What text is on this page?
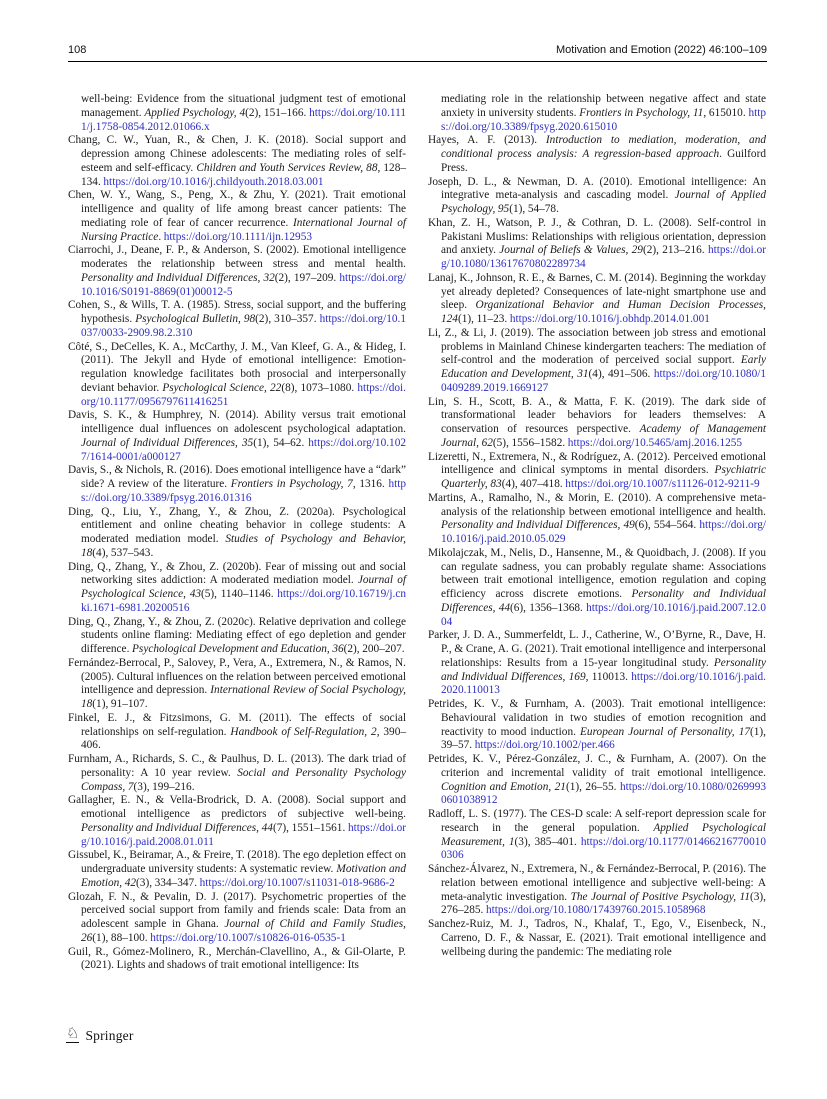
108	Motivation and Emotion (2022) 46:100–109

well-being: Evidence from the situational judgment test of emotional management. Applied Psychology, 4(2), 151–166. https://doi.org/10.1111/j.1758-0854.2012.01066.x

Chang, C. W., Yuan, R., & Chen, J. K. (2018). Social support and depression among Chinese adolescents: The mediating roles of self-esteem and self-efficacy. Children and Youth Services Review, 88, 128–134. https://doi.org/10.1016/j.childyouth.2018.03.001

Chen, W. Y., Wang, S., Peng, X., & Zhu, Y. (2021). Trait emotional intelligence and quality of life among breast cancer patients: The mediating role of fear of cancer recurrence. International Journal of Nursing Practice. https://doi.org/10.1111/ijn.12953

Ciarrochi, J., Deane, F. P., & Anderson, S. (2002). Emotional intelligence moderates the relationship between stress and mental health. Personality and Individual Differences, 32(2), 197–209. https://doi.org/10.1016/S0191-8869(01)00012-5

Cohen, S., & Wills, T. A. (1985). Stress, social support, and the buffering hypothesis. Psychological Bulletin, 98(2), 310–357. https://doi.org/10.1037/0033-2909.98.2.310

Côté, S., DeCelles, K. A., McCarthy, J. M., Van Kleef, G. A., & Hideg, I. (2011). The Jekyll and Hyde of emotional intelligence: Emotion-regulation knowledge facilitates both prosocial and interpersonally deviant behavior. Psychological Science, 22(8), 1073–1080. https://doi.org/10.1177/0956797611416251

Davis, S. K., & Humphrey, N. (2014). Ability versus trait emotional intelligence dual influences on adolescent psychological adaptation. Journal of Individual Differences, 35(1), 54–62. https://doi.org/10.1027/1614-0001/a000127

Davis, S., & Nichols, R. (2016). Does emotional intelligence have a “dark” side? A review of the literature. Frontiers in Psychology, 7, 1316. https://doi.org/10.3389/fpsyg.2016.01316

Ding, Q., Liu, Y., Zhang, Y., & Zhou, Z. (2020a). Psychological entitlement and online cheating behavior in college students: A moderated mediation model. Studies of Psychology and Behavior, 18(4), 537–543.

Ding, Q., Zhang, Y., & Zhou, Z. (2020b). Fear of missing out and social networking sites addiction: A moderated mediation model. Journal of Psychological Science, 43(5), 1140–1146. https://doi.org/10.16719/j.cnki.1671-6981.20200516

Ding, Q., Zhang, Y., & Zhou, Z. (2020c). Relative deprivation and college students online flaming: Mediating effect of ego depletion and gender difference. Psychological Development and Education, 36(2), 200–207.

Fernández-Berrocal, P., Salovey, P., Vera, A., Extremera, N., & Ramos, N. (2005). Cultural influences on the relation between perceived emotional intelligence and depression. International Review of Social Psychology, 18(1), 91–107.

Finkel, E. J., & Fitzsimons, G. M. (2011). The effects of social relationships on self-regulation. Handbook of Self-Regulation, 2, 390–406.

Furnham, A., Richards, S. C., & Paulhus, D. L. (2013). The dark triad of personality: A 10 year review. Social and Personality Psychology Compass, 7(3), 199–216.

Gallagher, E. N., & Vella-Brodrick, D. A. (2008). Social support and emotional intelligence as predictors of subjective well-being. Personality and Individual Differences, 44(7), 1551–1561. https://doi.org/10.1016/j.paid.2008.01.011

Gissubel, K., Beiramar, A., & Freire, T. (2018). The ego depletion effect on undergraduate university students: A systematic review. Motivation and Emotion, 42(3), 334–347. https://doi.org/10.1007/s11031-018-9686-2

Glozah, F. N., & Pevalin, D. J. (2017). Psychometric properties of the perceived social support from family and friends scale: Data from an adolescent sample in Ghana. Journal of Child and Family Studies, 26(1), 88–100. https://doi.org/10.1007/s10826-016-0535-1

Guil, R., Gómez-Molinero, R., Merchán-Clavellino, A., & Gil-Olarte, P. (2021). Lights and shadows of trait emotional intelligence: Its

mediating role in the relationship between negative affect and state anxiety in university students. Frontiers in Psychology, 11, 615010. https://doi.org/10.3389/fpsyg.2020.615010

Hayes, A. F. (2013). Introduction to mediation, moderation, and conditional process analysis: A regression-based approach. Guilford Press.

Joseph, D. L., & Newman, D. A. (2010). Emotional intelligence: An integrative meta-analysis and cascading model. Journal of Applied Psychology, 95(1), 54–78.

Khan, Z. H., Watson, P. J., & Cothran, D. L. (2008). Self-control in Pakistani Muslims: Relationships with religious orientation, depression and anxiety. Journal of Beliefs & Values, 29(2), 213–216. https://doi.org/10.1080/13617670802289734

Lanaj, K., Johnson, R. E., & Barnes, C. M. (2014). Beginning the workday yet already depleted? Consequences of late-night smartphone use and sleep. Organizational Behavior and Human Decision Processes, 124(1), 11–23. https://doi.org/10.1016/j.obhdp.2014.01.001

Li, Z., & Li, J. (2019). The association between job stress and emotional problems in Mainland Chinese kindergarten teachers: The mediation of self-control and the moderation of perceived social support. Early Education and Development, 31(4), 491–506. https://doi.org/10.1080/10409289.2019.1669127

Lin, S. H., Scott, B. A., & Matta, F. K. (2019). The dark side of transformational leader behaviors for leaders themselves: A conservation of resources perspective. Academy of Management Journal, 62(5), 1556–1582. https://doi.org/10.5465/amj.2016.1255

Lizeretti, N., Extremera, N., & Rodríguez, A. (2012). Perceived emotional intelligence and clinical symptoms in mental disorders. Psychiatric Quarterly, 83(4), 407–418. https://doi.org/10.1007/s11126-012-9211-9

Martins, A., Ramalho, N., & Morin, E. (2010). A comprehensive meta-analysis of the relationship between emotional intelligence and health. Personality and Individual Differences, 49(6), 554–564. https://doi.org/10.1016/j.paid.2010.05.029

Mikolajczak, M., Nelis, D., Hansenne, M., & Quoidbach, J. (2008). If you can regulate sadness, you can probably regulate shame: Associations between trait emotional intelligence, emotion regulation and coping efficiency across discrete emotions. Personality and Individual Differences, 44(6), 1356–1368. https://doi.org/10.1016/j.paid.2007.12.004

Parker, J. D. A., Summerfeldt, L. J., Catherine, W., O’Byrne, R., Dave, H. P., & Crane, A. G. (2021). Trait emotional intelligence and interpersonal relationships: Results from a 15-year longitudinal study. Personality and Individual Differences, 169, 110013. https://doi.org/10.1016/j.paid.2020.110013

Petrides, K. V., & Furnham, A. (2003). Trait emotional intelligence: Behavioural validation in two studies of emotion recognition and reactivity to mood induction. European Journal of Personality, 17(1), 39–57. https://doi.org/10.1002/per.466

Petrides, K. V., Pérez-González, J. C., & Furnham, A. (2007). On the criterion and incremental validity of trait emotional intelligence. Cognition and Emotion, 21(1), 26–55. https://doi.org/10.1080/02699930601038912

Radloff, L. S. (1977). The CES-D scale: A self-report depression scale for research in the general population. Applied Psychological Measurement, 1(3), 385–401. https://doi.org/10.1177/014662167700100306

Sánchez-Álvarez, N., Extremera, N., & Fernández-Berrocal, P. (2016). The relation between emotional intelligence and subjective well-being: A meta-analytic investigation. The Journal of Positive Psychology, 11(3), 276–285. https://doi.org/10.1080/17439760.2015.1058968

Sanchez-Ruiz, M. J., Tadros, N., Khalaf, T., Ego, V., Eisenbeck, N., Carreno, D. F., & Nassar, E. (2021). Trait emotional intelligence and wellbeing during the pandemic: The mediating role

♘ Springer
